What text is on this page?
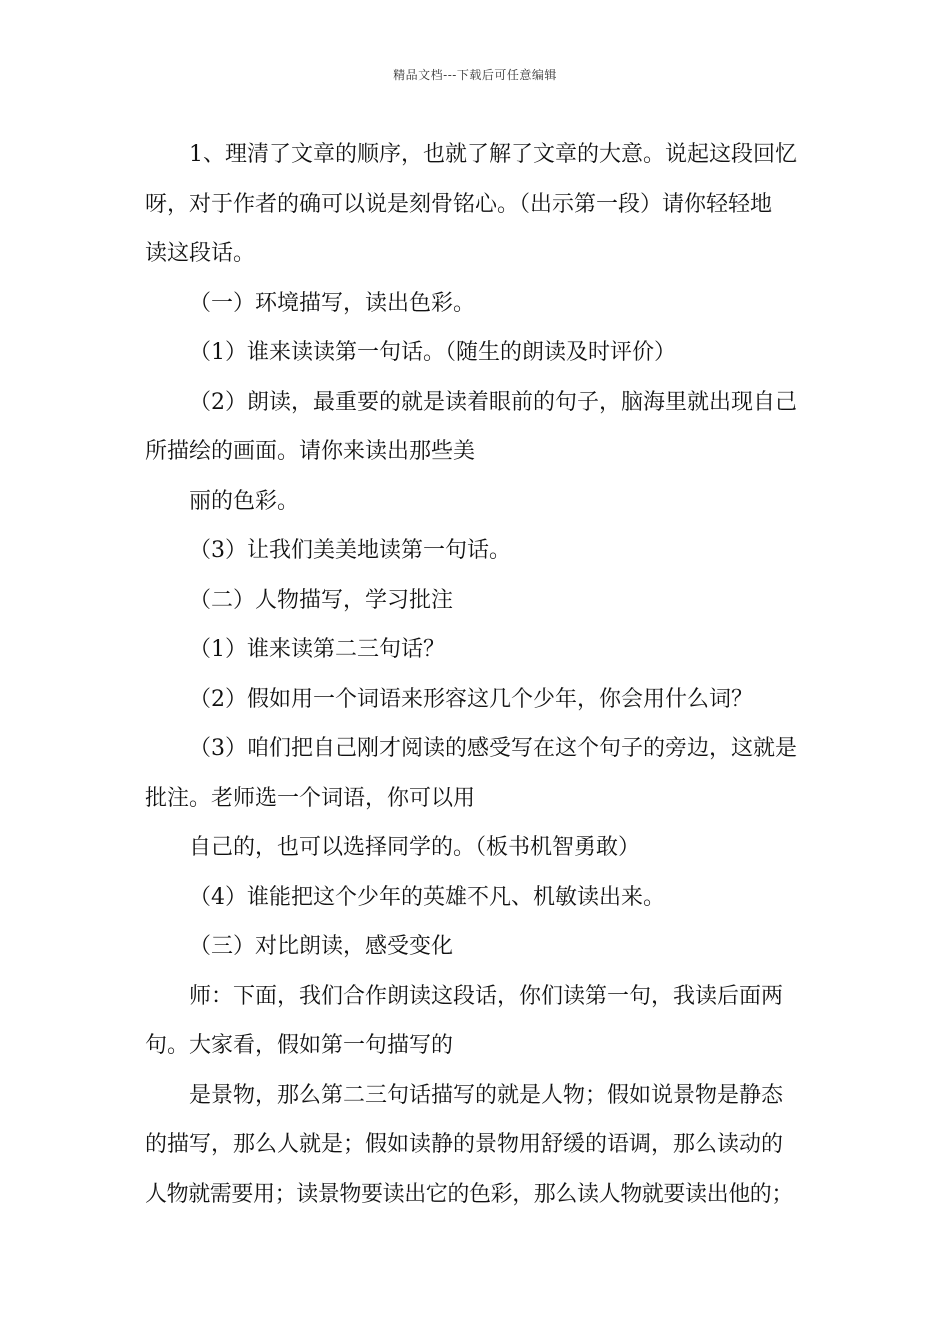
精品文档---下载后可任意编辑

1、理清了文章的顺序，也就了解了文章的大意。说起这段回忆

呀，对于作者的确可以说是刻骨铭心。（出示第一段）请你轻轻地

读这段话。

（一）环境描写，读出色彩。

（1）谁来读读第一句话。（随生的朗读及时评价）

（2）朗读，最重要的就是读着眼前的句子，脑海里就出现自己

所描绘的画面。请你来读出那些美

丽的色彩。

（3）让我们美美地读第一句话。

（二）人物描写，学习批注

（1）谁来读第二三句话？

（2）假如用一个词语来形容这几个少年，你会用什么词？

（3）咱们把自己刚才阅读的感受写在这个句子的旁边，这就是

批注。老师选一个词语，你可以用

自己的，也可以选择同学的。（板书机智勇敢）

（4）谁能把这个少年的英雄不凡、机敏读出来。

（三）对比朗读，感受变化

师：下面，我们合作朗读这段话，你们读第一句，我读后面两

句。大家看，假如第一句描写的

是景物，那么第二三句话描写的就是人物；假如说景物是静态

的描写，那么人就是；假如读静的景物用舒缓的语调，那么读动的

人物就需要用；读景物要读出它的色彩，那么读人物就要读出他的；
